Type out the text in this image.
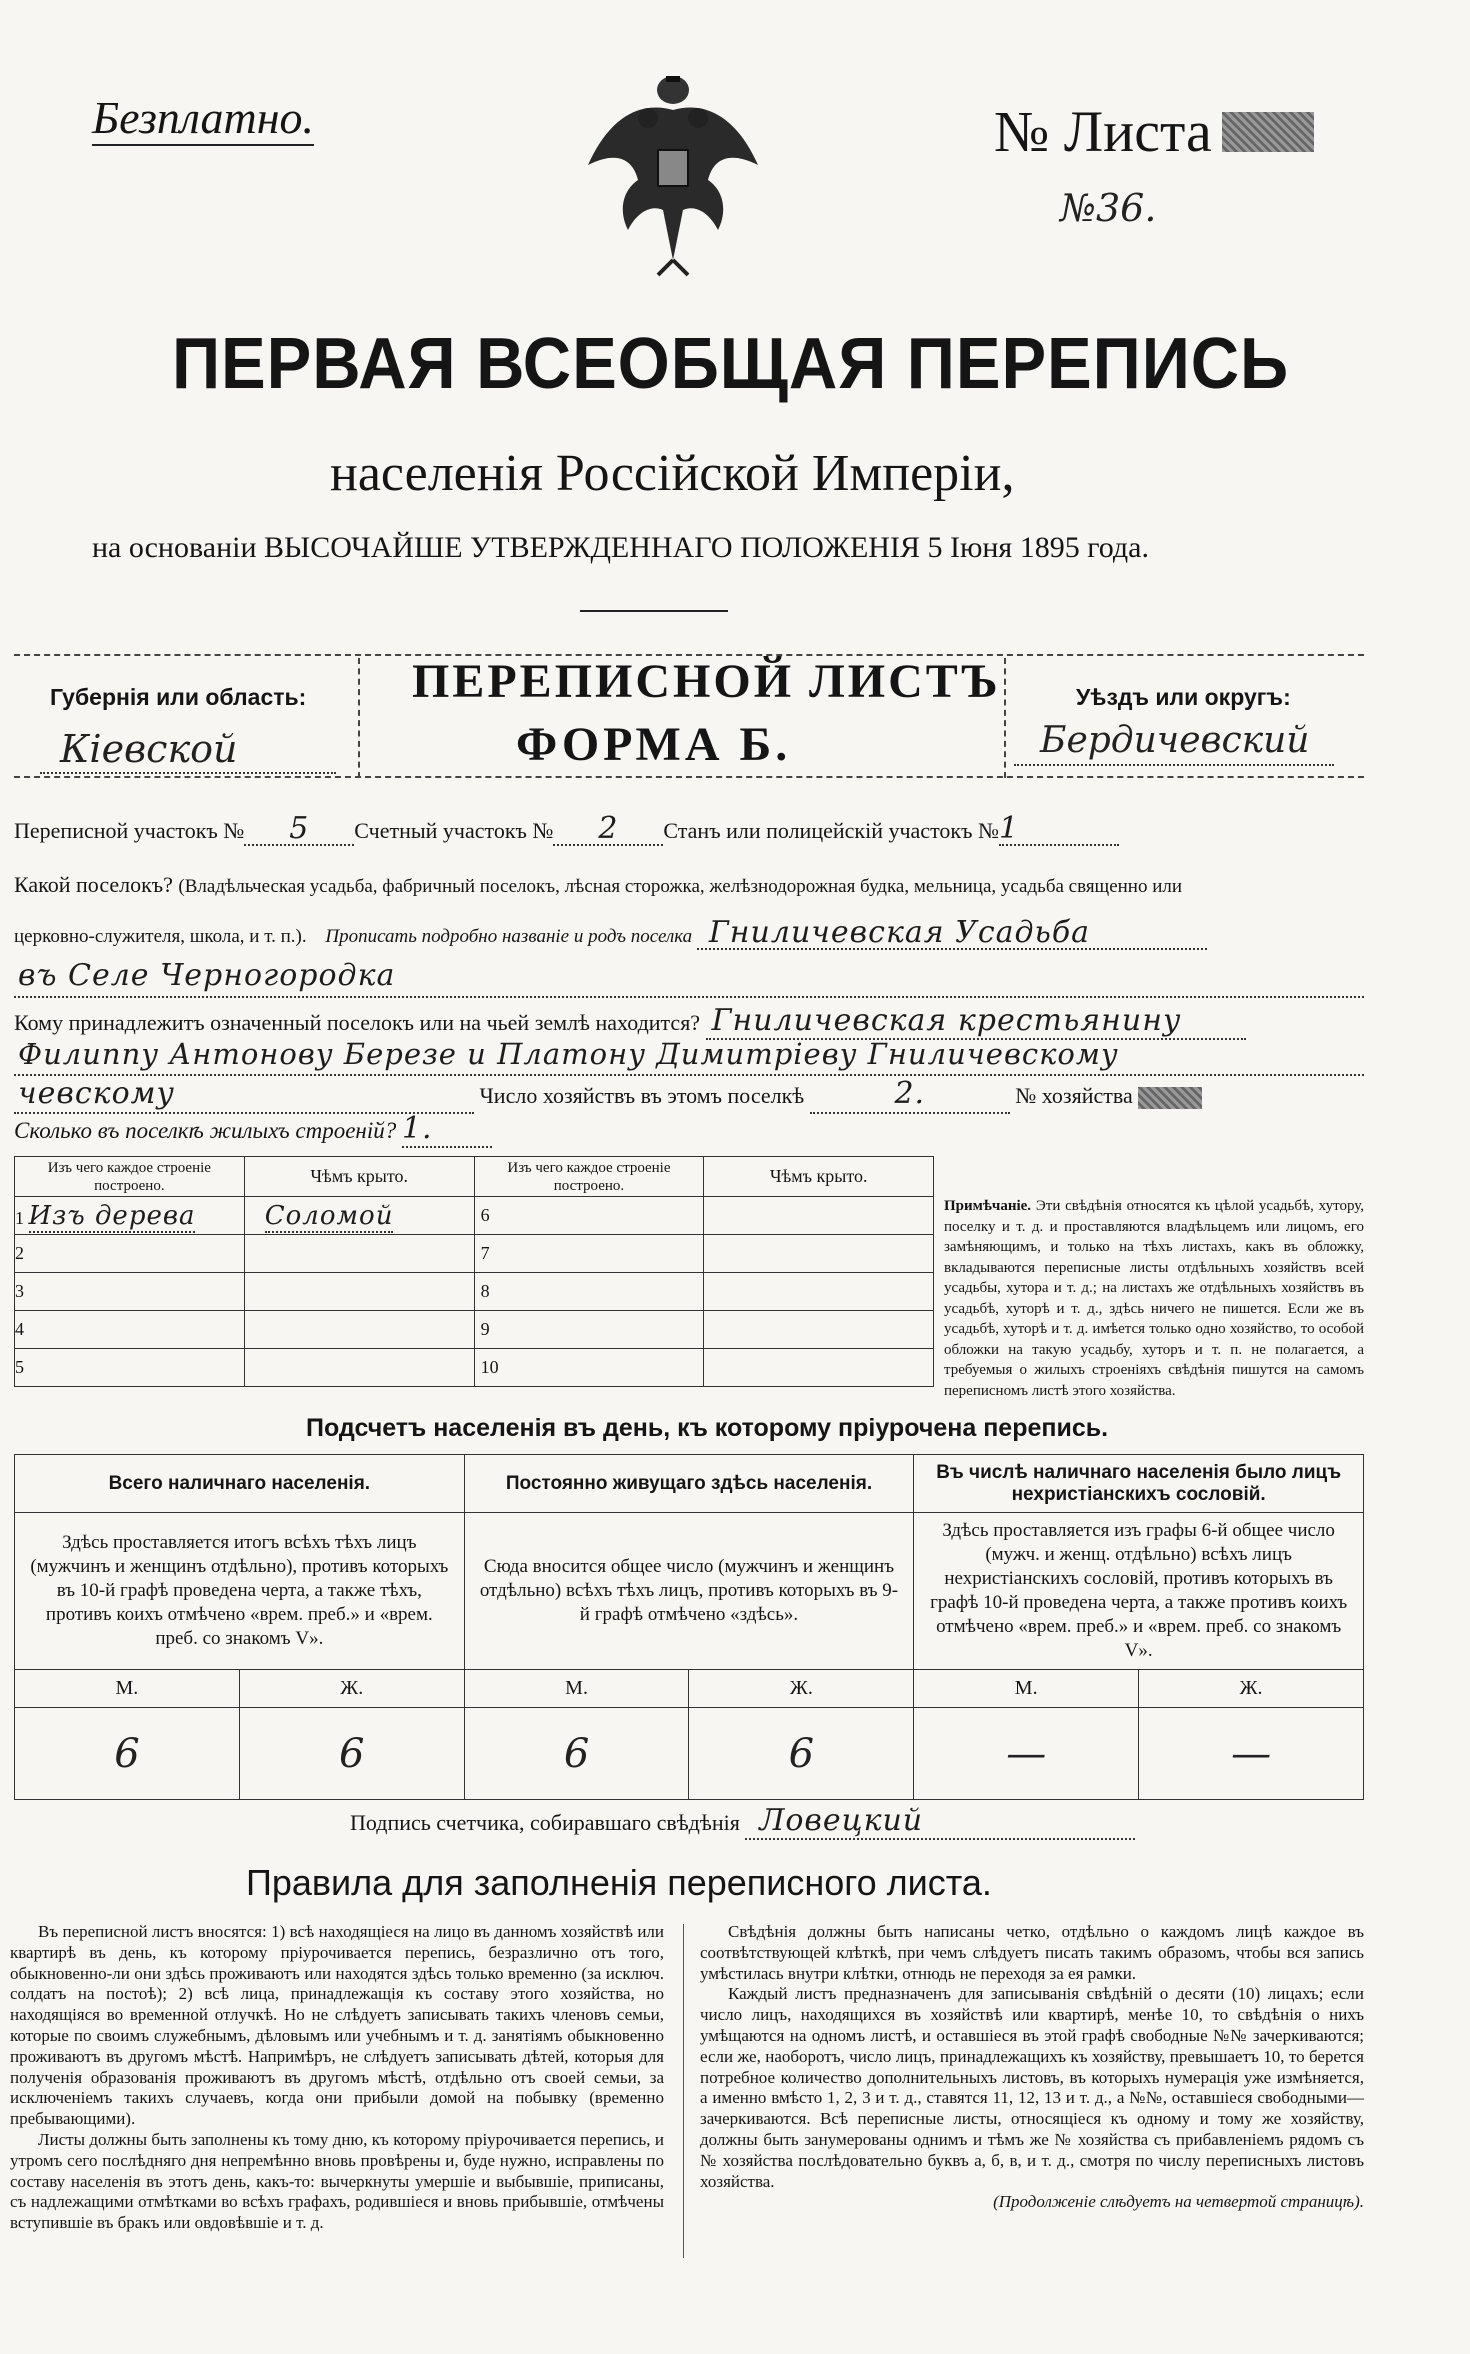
Безплатно.	№ Листа
№36.
ПЕРВАЯ ВСЕОБЩАЯ ПЕРЕПИСЬ
населенія Россійской Имперіи,
на основаніи ВЫСОЧАЙШЕ УТВЕРЖДЕННАГО ПОЛОЖЕНІЯ 5 Іюня 1895 года.
Губернія или область:
Кіевской
ПЕРЕПИСНОЙ ЛИСТЪ
ФОРМА Б.
Уѣздъ или округъ:
Бердичевский
Переписной участокъ № 5 Счетный участокъ № 2 Станъ или полицейскій участокъ №1
Какой поселокъ? (Владѣльческая усадьба, фабричный поселокъ, лѣсная сторожка, желѣзнодорожная будка, мельница, усадьба священно или
церковно-служителя, школа, и т. п.). Прописать подробно названіе и родъ поселка Гниличевская Усадьба
въ Селе Черногородка
Кому принадлежитъ означенный поселокъ или на чьей землѣ находится? Гниличевская крестьянину
Филиппу Антонову Березе и Платону Димитріеву Гниличевскому
чевскому	Число хозяйствъ въ этомъ поселкѣ	2.	№ хозяйства
Сколько въ поселкѣ жилыхъ строеній? 1.
Изъ чего каждое строеніе построено.	Чѣмъ крыто.	Изъ чего каждое строеніе построено.	Чѣмъ крыто.
1 Изъ дерева	Соломой	6	
2		7	
3		8	
4		9	
5		10	
Примѣчаніе. Эти свѣдѣнія относятся къ цѣлой усадьбѣ, хутору, поселку и т. д. и проставляются владѣльцемъ или лицомъ, его замѣняющимъ, и только на тѣхъ листахъ, какъ въ обложку, вкладываются переписные листы отдѣльныхъ хозяйствъ всей усадьбы, хутора и т. д.; на листахъ же отдѣльныхъ хозяйствъ въ усадьбѣ, хуторѣ и т. д., здѣсь ничего не пишется. Если же въ усадьбѣ, хуторѣ и т. д. имѣется только одно хозяйство, то особой обложки на такую усадьбу, хуторъ и т. п. не полагается, а требуемыя о жилыхъ строеніяхъ свѣдѣнія пишутся на самомъ переписномъ листѣ этого хозяйства.
Подсчетъ населенія въ день, къ которому пріурочена перепись.
Всего наличнаго населенія.		Постоянно живущаго здѣсь населенія.		Въ числѣ наличнаго населенія было лицъ нехристіанскихъ сословій.	
Здѣсь проставляется итогъ всѣхъ тѣхъ лицъ (мужчинъ и женщинъ отдѣльно), противъ которыхъ въ 10-й графѣ проведена черта, а также тѣхъ, противъ коихъ отмѣчено «врем. преб.» и «врем. преб. со знакомъ V».		Сюда вносится общее число (мужчинъ и женщинъ отдѣльно) всѣхъ тѣхъ лицъ, противъ которыхъ въ 9-й графѣ отмѣчено «здѣсь».		Здѣсь проставляется изъ графы 6-й общее число (мужч. и женщ. отдѣльно) всѣхъ лицъ нехристіанскихъ сословій, противъ которыхъ въ графѣ 10-й проведена черта, а также противъ коихъ отмѣчено «врем. преб.» и «врем. преб. со знакомъ V».	
М.	Ж.	М.	Ж.	М.	Ж.
6	6	6	6	—	—
Подпись счетчика, собиравшаго свѣдѣнія Ловецкий
Правила для заполненія переписного листа.

Въ переписной листъ вносятся: 1) всѣ находящіеся на лицо въ данномъ хозяйствѣ или квартирѣ въ день, къ которому пріурочивается перепись, безразлично отъ того, обыкновенно-ли они здѣсь проживаютъ или находятся здѣсь только временно (за исключ. солдатъ на постоѣ); 2) всѣ лица, принадлежащія къ составу этого хозяйства, но находящіяся во временной отлучкѣ. Но не слѣдуетъ записывать такихъ членовъ семьи, которые по своимъ служебнымъ, дѣловымъ или учебнымъ и т. д. занятіямъ обыкновенно проживаютъ въ другомъ мѣстѣ. Напримѣръ, не слѣдуетъ записывать дѣтей, которыя для полученія образованія проживаютъ въ другомъ мѣстѣ, отдѣльно отъ своей семьи, за исключеніемъ такихъ случаевъ, когда они прибыли домой на побывку (временно пребывающими).

Листы должны быть заполнены къ тому дню, къ которому пріурочивается перепись, и утромъ сего послѣдняго дня непремѣнно вновь провѣрены и, буде нужно, исправлены по составу населенія въ этотъ день, какъ-то: вычеркнуты умершіе и выбывшіе, приписаны, съ надлежащими отмѣтками во всѣхъ графахъ, родившіеся и вновь прибывшіе, отмѣчены вступившіе въ бракъ или овдовѣвшіе и т. д.

Свѣдѣнія должны быть написаны четко, отдѣльно о каждомъ лицѣ каждое въ соотвѣтствующей клѣткѣ, при чемъ слѣдуетъ писать такимъ образомъ, чтобы вся запись умѣстилась внутри клѣтки, отнюдь не переходя за ея рамки.

Каждый листъ предназначенъ для записыванія свѣдѣній о десяти (10) лицахъ; если число лицъ, находящихся въ хозяйствѣ или квартирѣ, менѣе 10, то свѣдѣнія о нихъ умѣщаются на одномъ листѣ, и оставшіеся въ этой графѣ свободные №№ зачеркиваются; если же, наоборотъ, число лицъ, принадлежащихъ къ хозяйству, превышаетъ 10, то берется потребное количество дополнительныхъ листовъ, въ которыхъ нумерація уже измѣняется, а именно вмѣсто 1, 2, 3 и т. д., ставятся 11, 12, 13 и т. д., а №№, оставшіеся свободными—зачеркиваются. Всѣ переписные листы, относящіеся къ одному и тому же хозяйству, должны быть занумерованы однимъ и тѣмъ же № хозяйства съ прибавленіемъ рядомъ съ № хозяйства послѣдовательно буквъ а, б, в, и т. д., смотря по числу переписныхъ листовъ хозяйства.

(Продолженіе слѣдуетъ на четвертой страницѣ).
